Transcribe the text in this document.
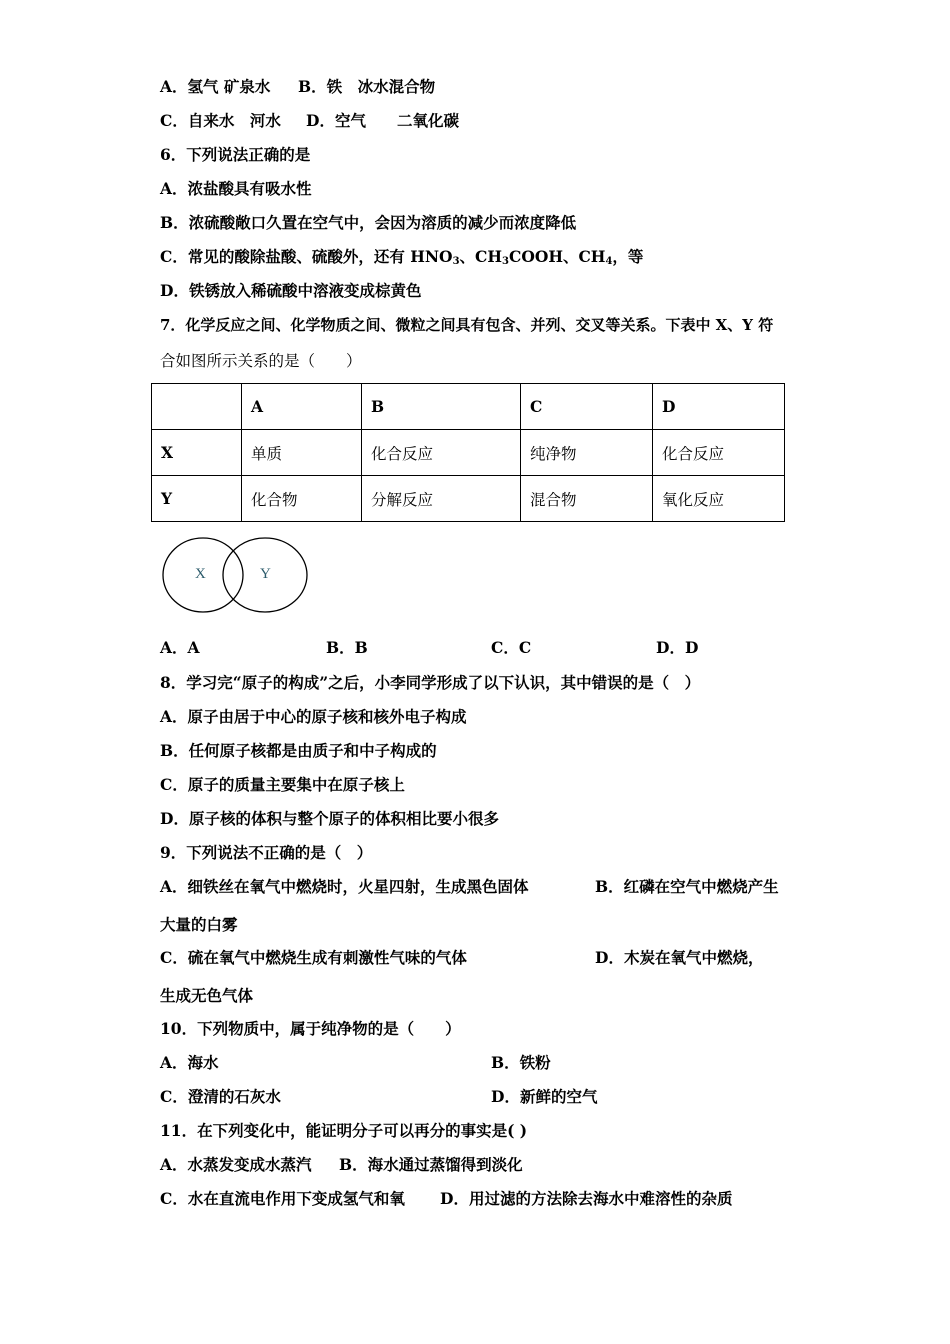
A．氢气 矿泉水 B．铁　冰水混合物
C．自来水　河水 D．空气　　二氧化碳
6．下列说法正确的是
A．浓盐酸具有吸水性
B．浓硫酸敞口久置在空气中，会因为溶质的减少而浓度降低
C．常见的酸除盐酸、硫酸外，还有 $HNO_3$、$CH_3COOH$、$CH_4$，等
D．铁锈放入稀硫酸中溶液变成棕黄色
7．化学反应之间、化学物质之间、微粒之间具有包含、并列、交叉等关系。下表中 X、Y 符
合如图所示关系的是（　　）
	A	B	C	D
X	单质	化合反应	纯净物	化合反应
Y	化合物	分解反应	混合物	氧化反应
X	Y
A．A	B．B	C．C	D．D
8．学习完“原子的构成”之后，小李同学形成了以下认识，其中错误的是（　）
A．原子由居于中心的原子核和核外电子构成
B．任何原子核都是由质子和中子构成的
C．原子的质量主要集中在原子核上
D．原子核的体积与整个原子的体积相比要小很多
9．下列说法不正确的是（　）
A．细铁丝在氧气中燃烧时，火星四射，生成黑色固体	B．红磷在空气中燃烧产生
大量的白雾
C．硫在氧气中燃烧生成有刺激性气味的气体	D．木炭在氧气中燃烧，
生成无色气体
10．下列物质中，属于纯净物的是（　　）
A．海水	B．铁粉
C．澄清的石灰水	D．新鲜的空气
11．在下列变化中，能证明分子可以再分的事实是( )
A．水蒸发变成水蒸汽 B．海水通过蒸馏得到淡化
C．水在直流电作用下变成氢气和氧 D．用过滤的方法除去海水中难溶性的杂质
